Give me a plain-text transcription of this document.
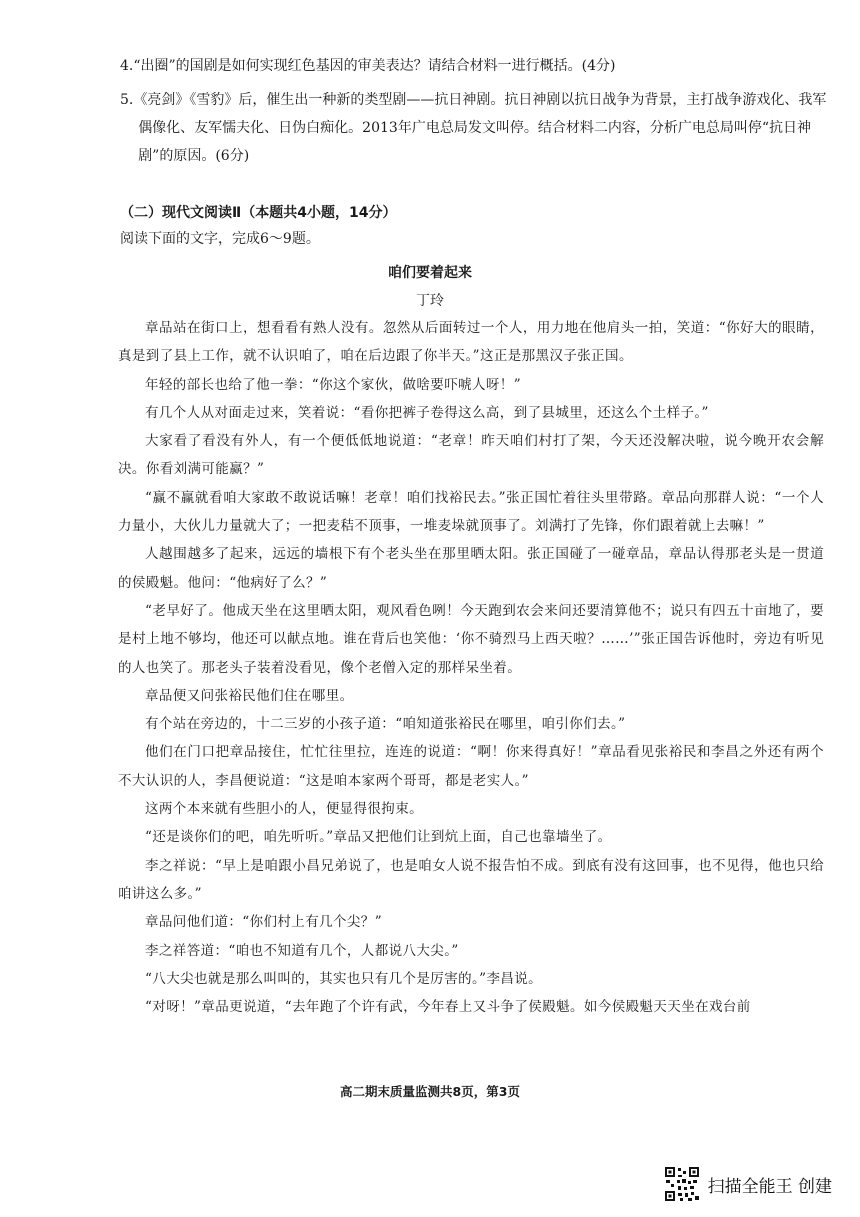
4.“出圈”的国剧是如何实现红色基因的审美表达？请结合材料一进行概括。(4分)

5.《亮剑》《雪豹》后，催生出一种新的类型剧——抗日神剧。抗日神剧以抗日战争为背景，主打战争游戏化、我军偶像化、友军懦夫化、日伪白痴化。2013年广电总局发文叫停。结合材料二内容，分析广电总局叫停“抗日神剧”的原因。(6分)

（二）现代文阅读Ⅱ（本题共4小题，14分）

阅读下面的文字，完成6～9题。

咱们要着起来

丁玲

章品站在街口上，想看看有熟人没有。忽然从后面转过一个人，用力地在他肩头一拍，笑道：“你好大的眼睛，真是到了县上工作，就不认识咱了，咱在后边跟了你半天。”这正是那黑汉子张正国。

年轻的部长也给了他一拳：“你这个家伙，做啥要吓唬人呀！”

有几个人从对面走过来，笑着说：“看你把裤子卷得这么高，到了县城里，还这么个土样子。”

大家看了看没有外人，有一个便低低地说道：“老章！昨天咱们村打了架，今天还没解决啦，说今晚开农会解决。你看刘满可能赢？”

“赢不赢就看咱大家敢不敢说话嘛！老章！咱们找裕民去。”张正国忙着往头里带路。章品向那群人说：“一个人力量小，大伙儿力量就大了；一把麦秸不顶事，一堆麦垛就顶事了。刘满打了先锋，你们跟着就上去嘛！”

人越围越多了起来，远远的墙根下有个老头坐在那里晒太阳。张正国碰了一碰章品，章品认得那老头是一贯道的侯殿魁。他问：“他病好了么？”

“老早好了。他成天坐在这里晒太阳，观风看色咧！今天跑到农会来问还要清算他不；说只有四五十亩地了，要是村上地不够均，他还可以献点地。谁在背后也笑他：‘你不骑烈马上西天啦？……’”张正国告诉他时，旁边有听见的人也笑了。那老头子装着没看见，像个老僧入定的那样呆坐着。

章品便又问张裕民他们住在哪里。

有个站在旁边的，十二三岁的小孩子道：“咱知道张裕民在哪里，咱引你们去。”

他们在门口把章品接住，忙忙往里拉，连连的说道：“啊！你来得真好！”章品看见张裕民和李昌之外还有两个不大认识的人，李昌便说道：“这是咱本家两个哥哥，都是老实人。”

这两个本来就有些胆小的人，便显得很拘束。

“还是谈你们的吧，咱先听听。”章品又把他们让到炕上面，自己也靠墙坐了。

李之祥说：“早上是咱跟小昌兄弟说了，也是咱女人说不报告怕不成。到底有没有这回事，也不见得，他也只给咱讲这么多。”

章品问他们道：“你们村上有几个尖？”

李之祥答道：“咱也不知道有几个，人都说八大尖。”

“八大尖也就是那么叫叫的，其实也只有几个是厉害的。”李昌说。

“对呀！”章品更说道，“去年跑了个许有武，今年春上又斗争了侯殿魁。如今侯殿魁天天坐在戏台前

高二期末质量监测共8页，第3页

扫描全能王 创建
